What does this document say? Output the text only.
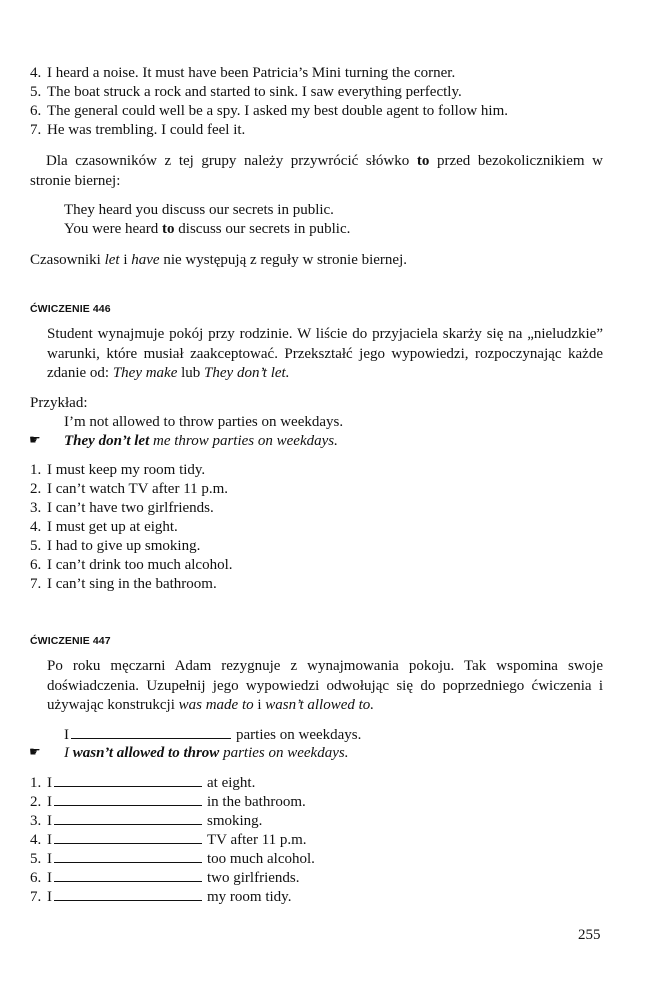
4. I heard a noise. It must have been Patricia’s Mini turning the corner.
5. The boat struck a rock and started to sink. I saw everything perfectly.
6. The general could well be a spy. I asked my best double agent to follow him.
7. He was trembling. I could feel it.
Dla czasowników z tej grupy należy przywrócić słówko to przed bezokolicznikiem w stronie biernej:
They heard you discuss our secrets in public.
You were heard to discuss our secrets in public.
Czasowniki let i have nie występują z reguły w stronie biernej.
ĆWICZENIE 446
Student wynajmuje pokój przy rodzinie. W liście do przyjaciela skarży się na „nieludzkie” warunki, które musiał zaakceptować. Przekształć jego wypowiedzi, rozpoczynając każde zdanie od: They make lub They don’t let.
Przykład:
I’m not allowed to throw parties on weekdays.
☛ They don’t let me throw parties on weekdays.
1. I must keep my room tidy.
2. I can’t watch TV after 11 p.m.
3. I can’t have two girlfriends.
4. I must get up at eight.
5. I had to give up smoking.
6. I can’t drink too much alcohol.
7. I can’t sing in the bathroom.
ĆWICZENIE 447
Po roku męczarni Adam rezygnuje z wynajmowania pokoju. Tak wspomina swoje doświadczenia. Uzupełnij jego wypowiedzi odwołując się do poprzedniego ćwiczenia i używając konstrukcji was made to i wasn’t allowed to.
I	parties on weekdays.
☛ I wasn’t allowed to throw parties on weekdays.
1. I	at eight.
2. I	in the bathroom.
3. I	smoking.
4. I	TV after 11 p.m.
5. I	too much alcohol.
6. I	two girlfriends.
7. I	my room tidy.
255
